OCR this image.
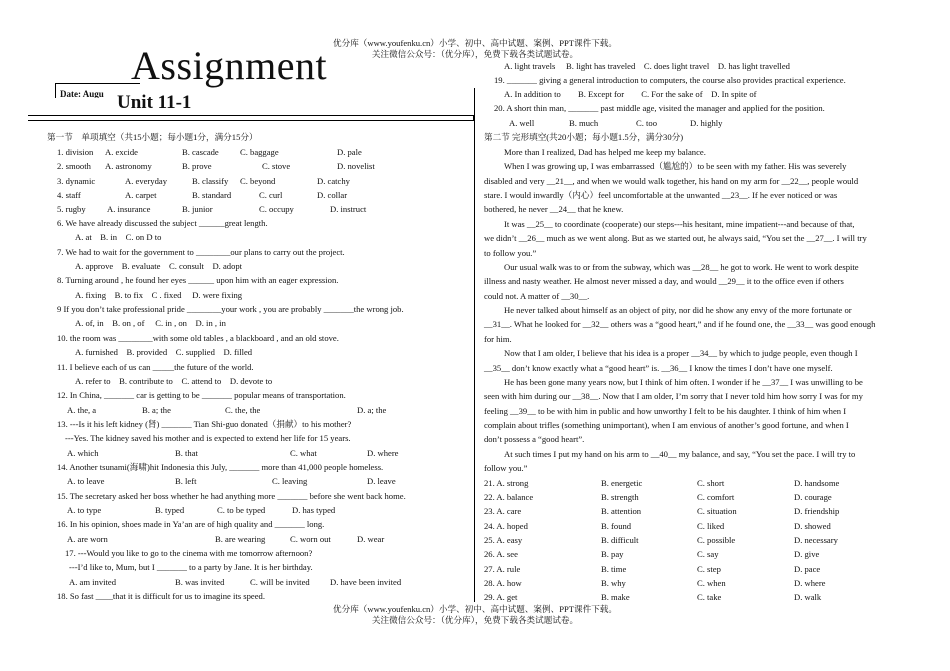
优分库（www.youfenku.cn）小学、初中、高中试题、案例、PPT课件下载。
关注微信公众号：（优分库），免费下载各类试题试卷。
Assignment
Date: Augu Unit 11-1
第一节　单项填空（共15小题；每小题1分，满分15分）
1. division A. excide	B. cascade C. baggage	D. pale
2. smooth A. astronomy	B. prove	C. stove	D. novelist
3. dynamic	A. everyday	B. classify C. beyond	D. catchy
4. staff	A. carpet	B. standard	C. curl	D. collar
5. rugby A. insurance	B. junior	C. occupy	D. instruct
6. We have already discussed the subject ______great length.
A. at　B. in　C. on D to
7. We had to wait for the government to ________our plans to carry out the project.
A. approve　B. evaluate　C. consult　D. adopt
8. Turning around , he found her eyes ______ upon him with an eager expression.
A. fixing　B. to fix　C . fixed　 D. were fixing
9 If you don’t take professional pride ________your work , you are probably _______the wrong job.
A. of, in　B. on , of　 C. in , on　D. in , in
10. the room was ________with some old tables , a blackboard , and an old stove.
A. furnished　B. provided　C. supplied　D. filled
11. I believe each of us can _____the future of the world.
A. refer to　B. contribute to　C. attend to　D. devote to
12. In China, _______ car is getting to be _______ popular means of transportation.
A. the, a	B. a; the	C. the, the	D. a; the
13. ---Is it his left kidney (肾) _______ Tian Shi-guo donated（捐献）to his mother?
---Yes. The kidney saved his mother and is expected to extend her life for 15 years.
A. which	B. that	C. what	D. where
14. Another tsunami(海啸)hit Indonesia this July, _______ more than 41,000 people homeless.
A. to leave	B. left	C. leaving	D. leave
15. The secretary asked her boss whether he had anything more _______ before she went back home.
A. to type	B. typed	C. to be typed	D. has typed
16. In his opinion, shoes made in Ya’an are of high quality and _______ long.
A. are worn	B. are wearing	C. worn out	D. wear
17. ---Would you like to go to the cinema with me tomorrow afternoon?
---I’d like to, Mum, but I _______ to a party by Jane. It is her birthday.
A. am invited	B. was invited	C. will be invited D. have been invited
18. So fast ____that it is difficult for us to imagine its speed.
A. light travels　 B. light has traveled　C. does light travel　D. has light travelled
19. _______ giving a general introduction to computers, the course also provides practical experience.
A. In addition to　　B. Except for　　C. For the sake of　D. In spite of
20. A short thin man, _______ past middle age, visited the manager and applied for the position.
A. well	B. much	C. too	D. highly
第二节 完形填空(共20小题；每小题1.5分，满分30分)
More than I realized, Dad has helped me keep my balance.
When I was growing up, I was embarrassed（尴尬的）to be seen with my father. His was severely
disabled and very __21__, and when we would walk together, his hand on my arm for __22__, people would
stare. I would inwardly（内心）feel uncomfortable at the unwanted __23__. If he ever noticed or was
bothered, he never __24__ that he knew.
It was __25__ to coordinate (cooperate) our steps---his hesitant, mine impatient---and because of that,
we didn’t __26__ much as we went along. But as we started out, he always said, “You set the __27__. I will try
to follow you.”
Our usual walk was to or from the subway, which was __28__ he got to work. He went to work despite
illness and nasty weather. He almost never missed a day, and would __29__ it to the office even if others
could not. A matter of __30__.
He never talked about himself as an object of pity, nor did he show any envy of the more fortunate or
__31__. What he looked for __32__ others was a “good heart,” and if he found one, the __33__ was good enough
for him.
Now that I am older, I believe that his idea is a proper __34__ by which to judge people, even though I
__35__ don’t know exactly what a “good heart” is. __36__ I know the times I don’t have one myself.
He has been gone many years now, but I think of him often. I wonder if he __37__ I was unwilling to be
seen with him during our __38__. Now that I am older, I’m sorry that I never told him how sorry I was for my
feeling __39__ to be with him in public and how unworthy I felt to be his daughter. I think of him when I
complain about trifles (something unimportant), when I am envious of another’s good fortune, and when I
don’t possess a “good heart”.
At such times I put my hand on his arm to __40__ my balance, and say, “You set the pace. I will try to
follow you.”
21. A. strong	B. energetic	C. short	D. handsome
22. A. balance	B. strength	C. comfort	D. courage
23. A. care	B. attention	C. situation	D. friendship
24. A. hoped	B. found	C. liked	D. showed
25. A. easy	B. difficult	C. possible	D. necessary
26. A. see	B. pay	C. say	D. give
27. A. rule	B. time	C. step	D. pace
28. A. how	B. why	C. when	D. where
29. A. get	B. make	C. take	D. walk
优分库（www.youfenku.cn）小学、初中、高中试题、案例、PPT课件下载。
关注微信公众号：（优分库），免费下载各类试题试卷。
